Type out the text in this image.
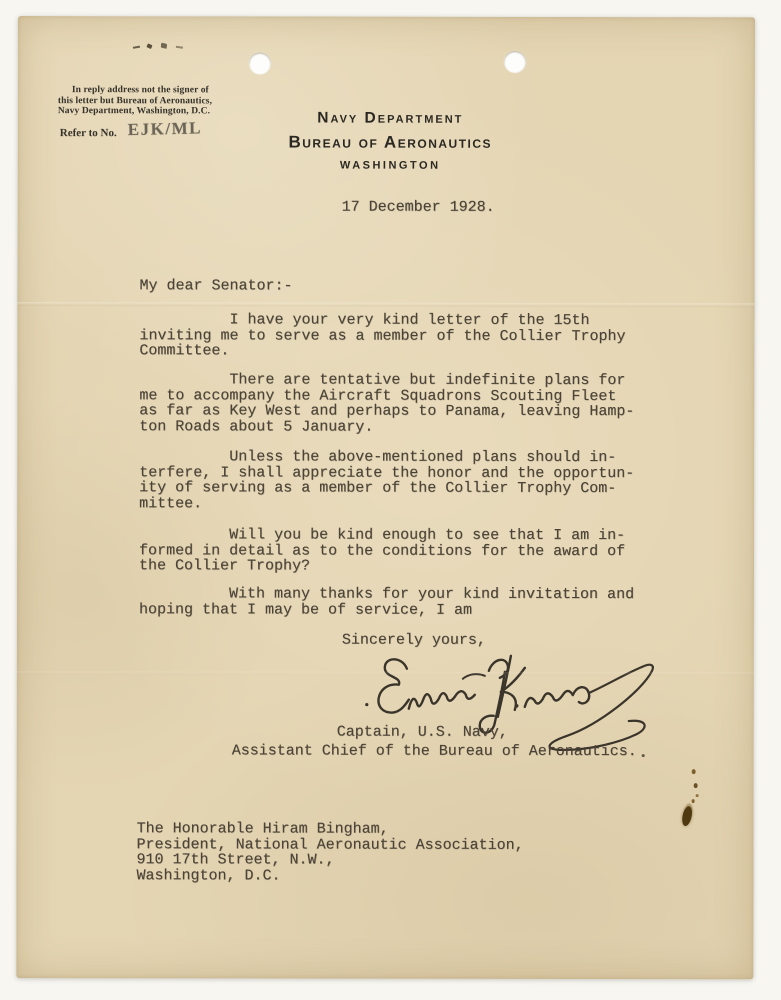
In reply address not the signer of
this letter but Bureau of Aeronautics,
Navy Department, Washington, D.C.
Refer to No. EJK/ML
Navy Department
Bureau of Aeronautics
WASHINGTON
17 December 1928.
My dear Senator:-
I have your very kind letter of the 15th
inviting me to serve as a member of the Collier Trophy
Committee.
There are tentative but indefinite plans for
me to accompany the Aircraft Squadrons Scouting Fleet
as far as Key West and perhaps to Panama, leaving Hamp-
ton Roads about 5 January.
Unless the above-mentioned plans should in-
terfere, I shall appreciate the honor and the opportun-
ity of serving as a member of the Collier Trophy Com-
mittee.
Will you be kind enough to see that I am in-
formed in detail as to the conditions for the award of
the Collier Trophy?
With many thanks for your kind invitation and
hoping that I may be of service, I am
Sincerely yours,
Captain, U.S. Navy,
Assistant Chief of the Bureau of Aeronautics.
The Honorable Hiram Bingham,
President, National Aeronautic Association,
910 17th Street, N.W.,
Washington, D.C.
